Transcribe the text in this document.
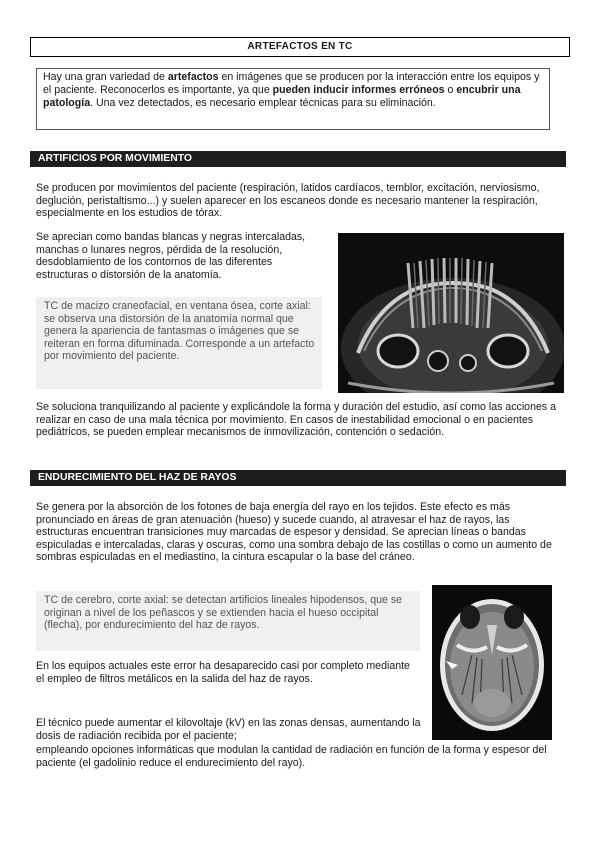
ARTEFACTOS EN TC
Hay una gran variedad de artefactos en imágenes que se producen por la interacción entre los equipos y el paciente. Reconocerlos es importante, ya que pueden inducir informes erróneos o encubrir una patología. Una vez detectados, es necesario emplear técnicas para su eliminación.
ARTIFICIOS POR MOVIMIENTO

Se producen por movimientos del paciente (respiración, latidos cardíacos, temblor, excitación, nerviosismo, deglución, peristaltismo...) y suelen aparecer en los escaneos donde es necesario mantener la respiración, especialmente en los estudios de tórax.

Se aprecian como bandas blancas y negras intercaladas, manchas o lunares negros, pérdida de la resolución, desdoblamiento de los contornos de las diferentes estructuras o distorsión de la anatomía.

TC de macizo craneofacial, en ventana ósea, corte axial: se observa una distorsión de la anatomía normal que genera la apariencia de fantasmas o imágenes que se reiteran en forma difuminada. Corresponde a un artefacto por movimiento del paciente.

Se soluciona tranquilizando al paciente y explicándole la forma y duración del estudio, así como las acciones a realizar en caso de una mala técnica por movimiento. En casos de inestabilidad emocional o en pacientes pediátricos, se pueden emplear mecanismos de inmovilización, contención o sedación.

ENDURECIMIENTO DEL HAZ DE RAYOS

Se genera por la absorción de los fotones de baja energía del rayo en los tejidos. Este efecto es más pronunciado en áreas de gran atenuación (hueso) y sucede cuando, al atravesar el haz de rayos, las estructuras encuentran transiciones muy marcadas de espesor y densidad. Se aprecian líneas o bandas espiculadas e intercaladas, claras y oscuras, como una sombra debajo de las costillas o como un aumento de sombras espiculadas en el mediastino, la cintura escapular o la base del cráneo.

TC de cerebro, corte axial: se detectan artificios lineales hipodensos, que se originan a nivel de los peñascos y se extienden hacia el hueso occipital (flecha), por endurecimiento del haz de rayos.

En los equipos actuales este error ha desaparecido casi por completo mediante el empleo de filtros metálicos en la salida del haz de rayos.

El técnico puede aumentar el kilovoltaje (kV) en las zonas densas, aumentando la dosis de radiación recibida por el paciente;

empleando opciones informáticas que modulan la cantidad de radiación en función de la forma y espesor del paciente (el gadolinio reduce el endurecimiento del rayo).
